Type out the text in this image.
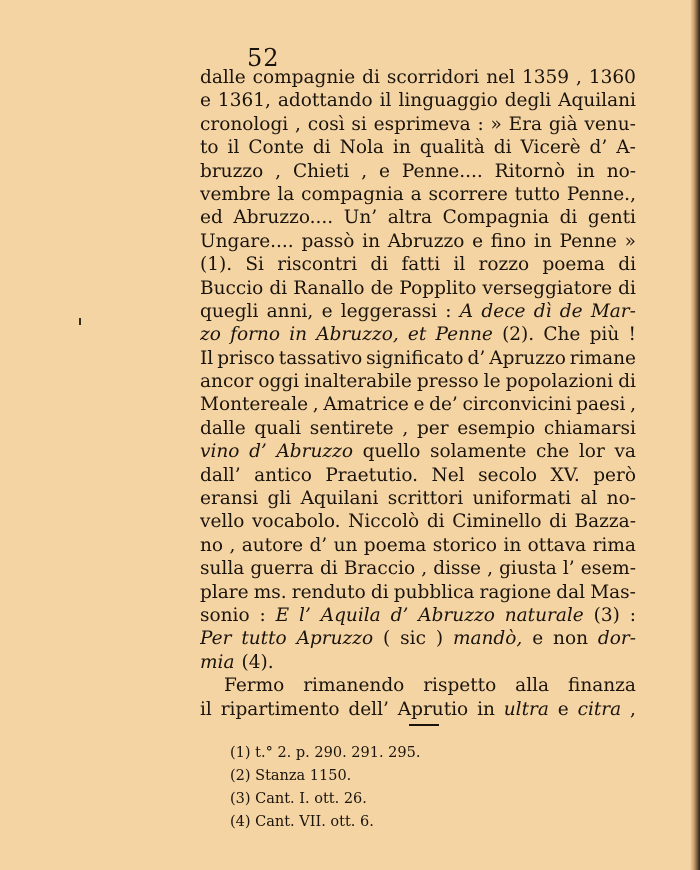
52
dalle compagnie di scorridori nel 1359 , 1360
e 1361, adottando il linguaggio degli Aquilani
cronologi , così si esprimeva : » Era già venu-
to il Conte di Nola in qualità di Vicerè d’ A-
bruzzo , Chieti , e Penne.... Ritornò in no-
vembre la compagnia a scorrere tutto Penne.,
ed Abruzzo.... Un’ altra Compagnia di genti
Ungare.... passò in Abruzzo e fino in Penne »
(1). Si riscontri di fatti il rozzo poema di
Buccio di Ranallo de Popplito verseggiatore di
quegli anni, e leggerassi : A dece dì de Mar-
zo forno in Abruzzo, et Penne (2). Che più !
Il prisco tassativo significato d’ Apruzzo rimane
ancor oggi inalterabile presso le popolazioni di
Montereale , Amatrice e de’ circonvicini paesi ,
dalle quali sentirete , per esempio chiamarsi
vino d’ Abruzzo quello solamente che lor va
dall’ antico Praetutio. Nel secolo XV. però
eransi gli Aquilani scrittori uniformati al no-
vello vocabolo. Niccolò di Ciminello di Bazza-
no , autore d’ un poema storico in ottava rima
sulla guerra di Braccio , disse , giusta l’ esem-
plare ms. renduto di pubblica ragione dal Mas-
sonio : E l’ Aquila d’ Abruzzo naturale (3) :
Per tutto Apruzzo ( sic ) mandò, e non dor-
mia (4).
Fermo rimanendo rispetto alla finanza
il ripartimento dell’ Aprutio in ultra e citra ,
(1) t.° 2. p. 290. 291. 295.
(2) Stanza 1150.
(3) Cant. I. ott. 26.
(4) Cant. VII. ott. 6.
